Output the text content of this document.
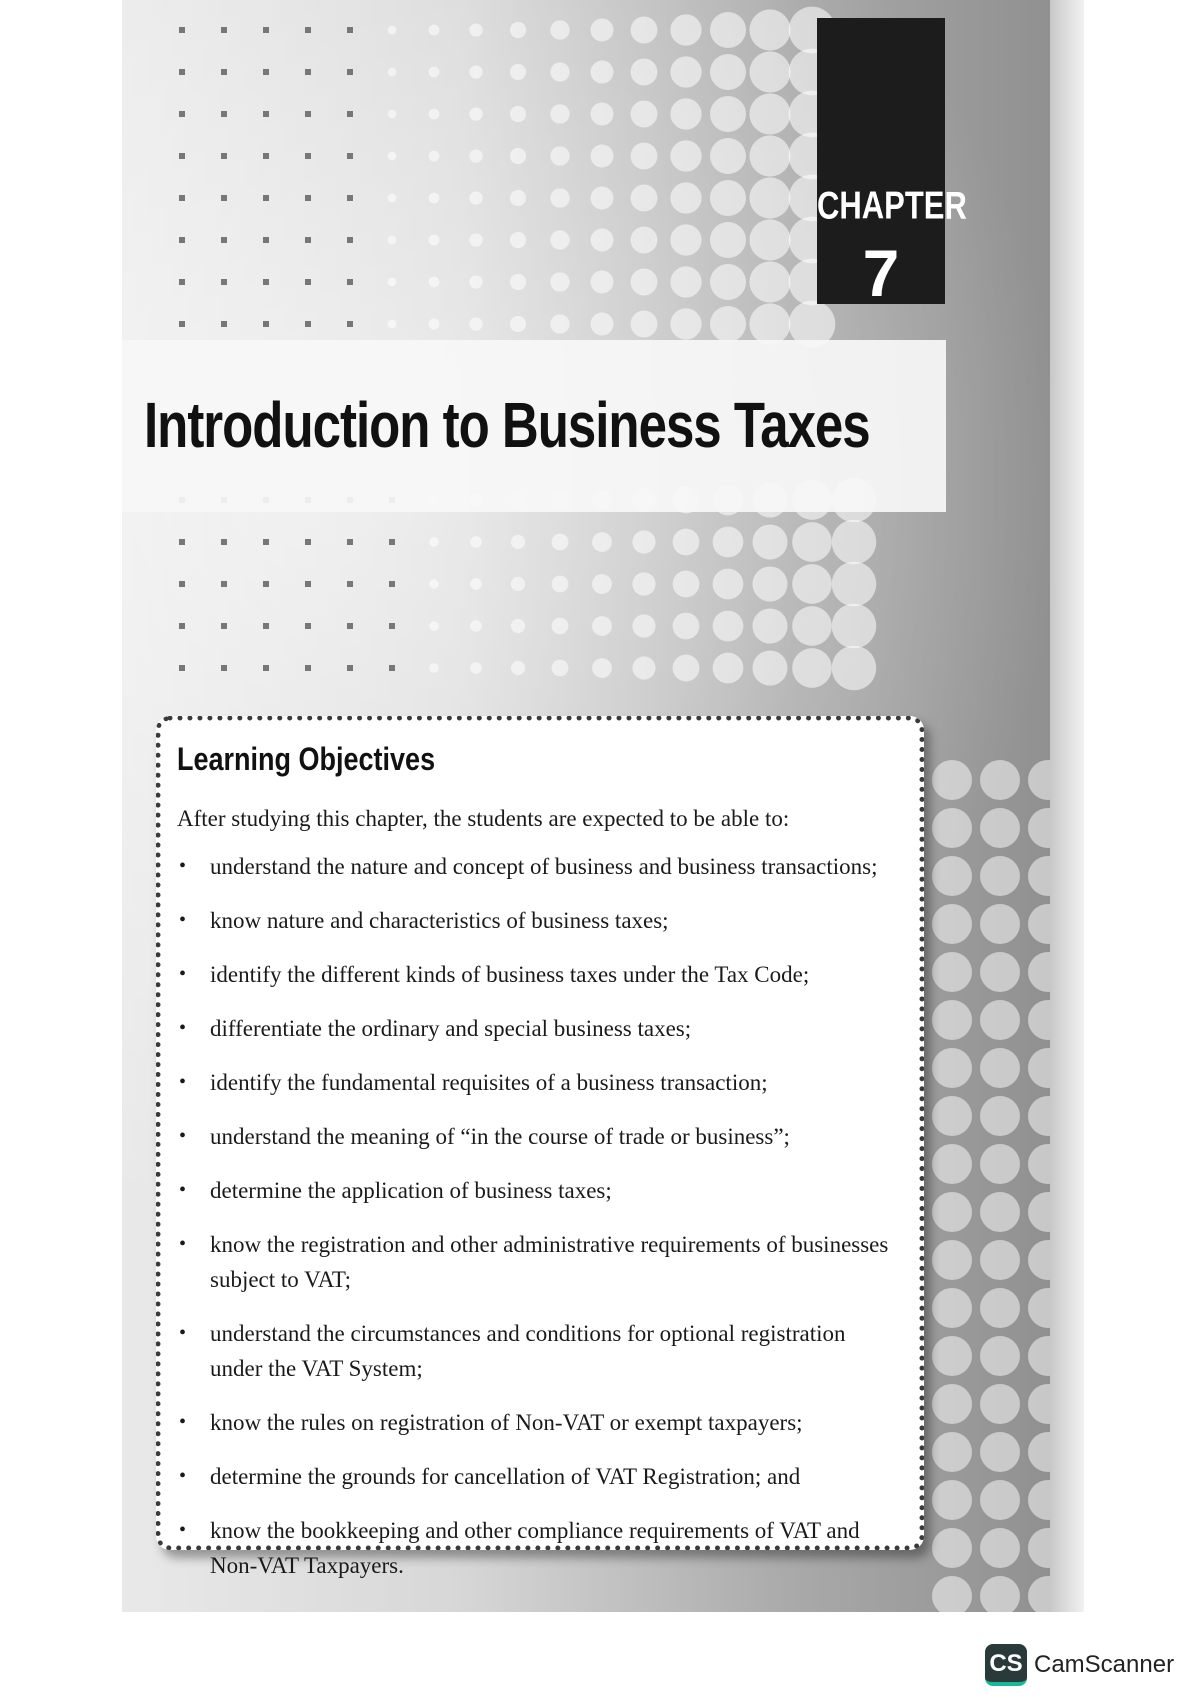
CHAPTER
7
Introduction to Business Taxes
Learning Objectives

After studying this chapter, the students are expected to be able to:

• understand the nature and concept of business and business transactions;
• know nature and characteristics of business taxes;
• identify the different kinds of business taxes under the Tax Code;
• differentiate the ordinary and special business taxes;
• identify the fundamental requisites of a business transaction;
• understand the meaning of “in the course of trade or business”;
• determine the application of business taxes;
• know the registration and other administrative requirements of businesses subject to VAT;
• understand the circumstances and conditions for optional registration under the VAT System;
• know the rules on registration of Non-VAT or exempt taxpayers;
• determine the grounds for cancellation of VAT Registration; and
• know the bookkeeping and other compliance requirements of VAT and Non-VAT Taxpayers.
CS CamScanner
